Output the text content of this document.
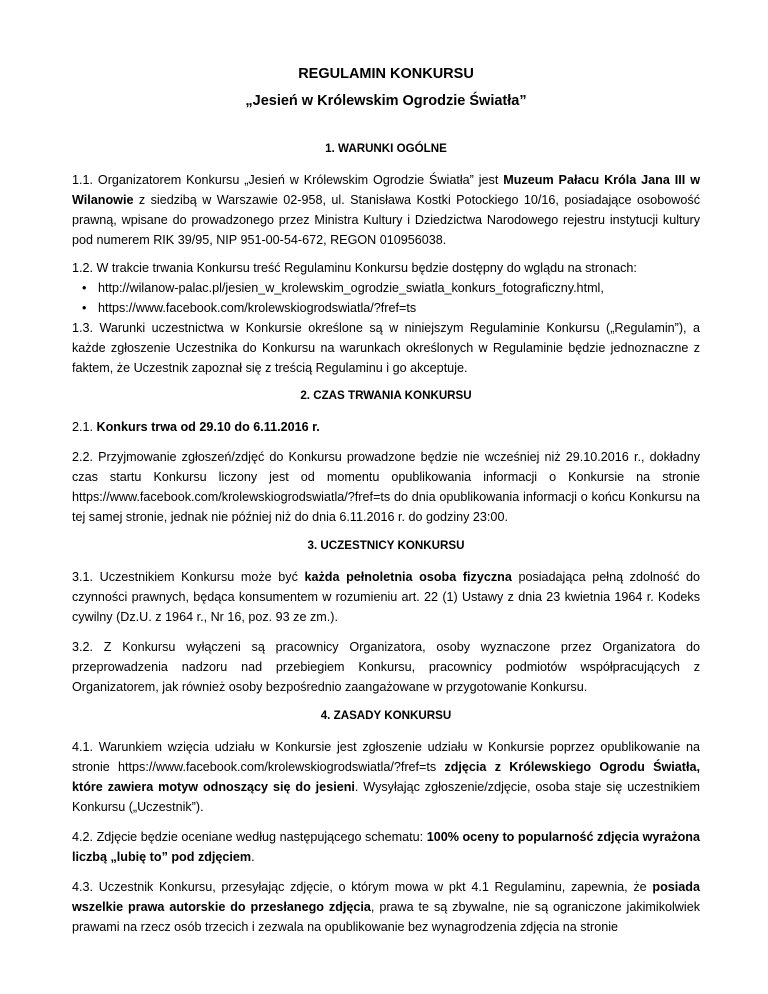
REGULAMIN KONKURSU
„Jesień w Królewskim Ogrodzie Światła”
1. WARUNKI OGÓLNE

1.1. Organizatorem Konkursu „Jesień w Królewskim Ogrodzie Światła” jest Muzeum Pałacu Króla Jana III w Wilanowie z siedzibą w Warszawie 02-958, ul. Stanisława Kostki Potockiego 10/16, posiadające osobowość prawną, wpisane do prowadzonego przez Ministra Kultury i Dziedzictwa Narodowego rejestru instytucji kultury pod numerem RIK 39/95, NIP 951-00-54-672, REGON 010956038.

1.2. W trakcie trwania Konkursu treść Regulaminu Konkursu będzie dostępny do wglądu na stronach:

• http://wilanow-palac.pl/jesien_w_krolewskim_ogrodzie_swiatla_konkurs_fotograficzny.html,
• https://www.facebook.com/krolewskiogrodswiatla/?fref=ts

1.3. Warunki uczestnictwa w Konkursie określone są w niniejszym Regulaminie Konkursu („Regulamin”), a każde zgłoszenie Uczestnika do Konkursu na warunkach określonych w Regulaminie będzie jednoznaczne z faktem, że Uczestnik zapoznał się z treścią Regulaminu i go akceptuje.

2. CZAS TRWANIA KONKURSU

2.1. Konkurs trwa od 29.10 do 6.11.2016 r.

2.2. Przyjmowanie zgłoszeń/zdjęć do Konkursu prowadzone będzie nie wcześniej niż 29.10.2016 r., dokładny czas startu Konkursu liczony jest od momentu opublikowania informacji o Konkursie na stronie https://www.facebook.com/krolewskiogrodswiatla/?fref=ts do dnia opublikowania informacji o końcu Konkursu na tej samej stronie, jednak nie później niż do dnia 6.11.2016 r. do godziny 23:00.

3. UCZESTNICY KONKURSU

3.1. Uczestnikiem Konkursu może być każda pełnoletnia osoba fizyczna posiadająca pełną zdolność do czynności prawnych, będąca konsumentem w rozumieniu art. 22 (1) Ustawy z dnia 23 kwietnia 1964 r. Kodeks cywilny (Dz.U. z 1964 r., Nr 16, poz. 93 ze zm.).

3.2. Z Konkursu wyłączeni są pracownicy Organizatora, osoby wyznaczone przez Organizatora do przeprowadzenia nadzoru nad przebiegiem Konkursu, pracownicy podmiotów współpracujących z Organizatorem, jak również osoby bezpośrednio zaangażowane w przygotowanie Konkursu.

4. ZASADY KONKURSU

4.1. Warunkiem wzięcia udziału w Konkursie jest zgłoszenie udziału w Konkursie poprzez opublikowanie na stronie https://www.facebook.com/krolewskiogrodswiatla/?fref=ts zdjęcia z Królewskiego Ogrodu Światła, które zawiera motyw odnoszący się do jesieni. Wysyłając zgłoszenie/zdjęcie, osoba staje się uczestnikiem Konkursu („Uczestnik”).

4.2. Zdjęcie będzie oceniane według następującego schematu: 100% oceny to popularność zdjęcia wyrażona liczbą „lubię to” pod zdjęciem.

4.3. Uczestnik Konkursu, przesyłając zdjęcie, o którym mowa w pkt 4.1 Regulaminu, zapewnia, że posiada wszelkie prawa autorskie do przesłanego zdjęcia, prawa te są zbywalne, nie są ograniczone jakimikolwiek prawami na rzecz osób trzecich i zezwala na opublikowanie bez wynagrodzenia zdjęcia na stronie
